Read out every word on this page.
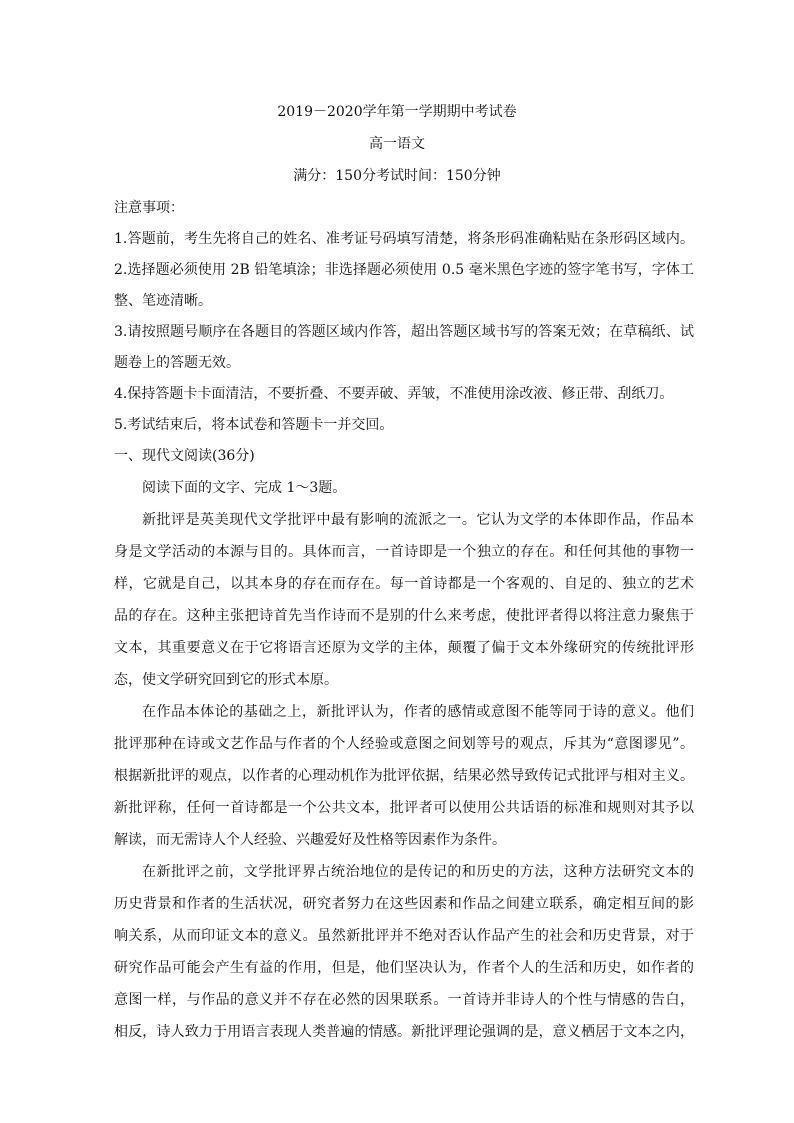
2019－2020学年第一学期期中考试卷
高一语文
满分：150分考试时间：150分钟
注意事项：
1.答题前，考生先将自己的姓名、准考证号码填写清楚，将条形码准确粘贴在条形码区域内。
2.选择题必须使用 2B 铅笔填涂；非选择题必须使用 0.5 毫米黑色字迹的签字笔书写，字体工
整、笔迹清晰。
3.请按照题号顺序在各题目的答题区域内作答，超出答题区域书写的答案无效；在草稿纸、试
题卷上的答题无效。
4.保持答题卡卡面清洁，不要折叠、不要弄破、弄皱，不准使用涂改液、修正带、刮纸刀。
5.考试结束后，将本试卷和答题卡一并交回。
一、现代文阅读(36分)
阅读下面的文字、完成 1～3题。
新批评是英美现代文学批评中最有影响的流派之一。它认为文学的本体即作品，作品本
身是文学活动的本源与目的。具体而言，一首诗即是一个独立的存在。和任何其他的事物一
样，它就是自己，以其本身的存在而存在。每一首诗都是一个客观的、自足的、独立的艺术
品的存在。这种主张把诗首先当作诗而不是别的什么来考虑，使批评者得以将注意力聚焦于
文本，其重要意义在于它将语言还原为文学的主体，颠覆了偏于文本外缘研究的传统批评形
态，使文学研究回到它的形式本原。
在作品本体论的基础之上，新批评认为，作者的感情或意图不能等同于诗的意义。他们
批评那种在诗或文艺作品与作者的个人经验或意图之间划等号的观点，斥其为“意图谬见”。
根据新批评的观点，以作者的心理动机作为批评依据，结果必然导致传记式批评与相对主义。
新批评称，任何一首诗都是一个公共文本，批评者可以使用公共话语的标准和规则对其予以
解读，而无需诗人个人经验、兴趣爱好及性格等因素作为条件。
在新批评之前，文学批评界占统治地位的是传记的和历史的方法，这种方法研究文本的
历史背景和作者的生活状况，研究者努力在这些因素和作品之间建立联系，确定相互间的影
响关系，从而印证文本的意义。虽然新批评并不绝对否认作品产生的社会和历史背景，对于
研究作品可能会产生有益的作用，但是，他们坚决认为，作者个人的生活和历史，如作者的
意图一样，与作品的意义并不存在必然的因果联系。一首诗并非诗人的个性与情感的告白，
相反，诗人致力于用语言表现人类普遍的情感。新批评理论强调的是，意义栖居于文本之内，
